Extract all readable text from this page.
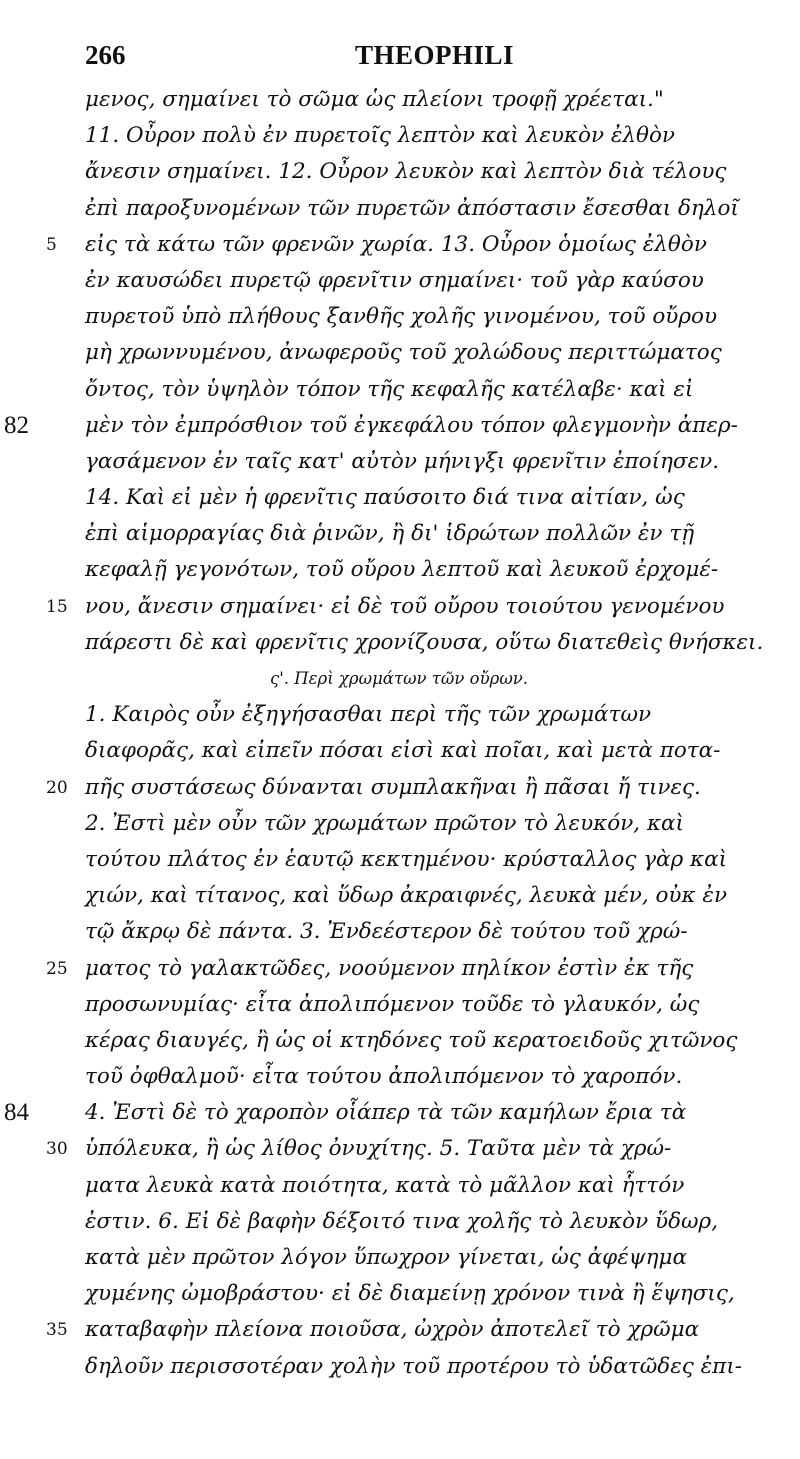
266	THEOPHILI
μενος, σημαίνει τὸ σῶμα ὡς πλείονι τροφῇ χρέεται."
11. Οὖρον πολὺ ἐν πυρετοῖς λεπτὸν καὶ λευκὸν ἐλθὸν
ἄνεσιν σημαίνει. 12. Οὖρον λευκὸν καὶ λεπτὸν διὰ τέλους
ἐπὶ παροξυνομένων τῶν πυρετῶν ἀπόστασιν ἔσεσθαι δηλοῖ
5 εἰς τὰ κάτω τῶν φρενῶν χωρία. 13. Οὖρον ὁμοίως ἐλθὸν
ἐν καυσώδει πυρετῷ φρενῖτιν σημαίνει· τοῦ γὰρ καύσου
πυρετοῦ ὑπὸ πλήθους ξανθῆς χολῆς γινομένου, τοῦ οὔρου
μὴ χρωννυμένου, ἀνωφεροῦς τοῦ χολώδους περιττώματος
ὄντος, τὸν ὑψηλὸν τόπον τῆς κεφαλῆς κατέλαβε· καὶ εἰ
82	μὲν τὸν ἐμπρόσθιον τοῦ ἐγκεφάλου τόπον φλεγμονὴν ἀπερ-
γασάμενον ἐν ταῖς κατ' αὐτὸν μήνιγξι φρενῖτιν ἐποίησεν.
14. Καὶ εἰ μὲν ἡ φρενῖτις παύσοιτο διά τινα αἰτίαν, ὡς
ἐπὶ αἱμορραγίας διὰ ῥινῶν, ἢ δι' ἱδρώτων πολλῶν ἐν τῇ
κεφαλῇ γεγονότων, τοῦ οὔρου λεπτοῦ καὶ λευκοῦ ἐρχομέ-
15 νου, ἄνεσιν σημαίνει· εἰ δὲ τοῦ οὔρου τοιούτου γενομένου
πάρεστι δὲ καὶ φρενῖτις χρονίζουσα, οὕτω διατεθεὶς θνήσκει.
ς'. Περὶ χρωμάτων τῶν οὔρων.
1. Καιρὸς οὖν ἐξηγήσασθαι περὶ τῆς τῶν χρωμάτων
διαφορᾶς, καὶ εἰπεῖν πόσαι εἰσὶ καὶ ποῖαι, καὶ μετὰ ποτα-
20 πῆς συστάσεως δύνανται συμπλακῆναι ἢ πᾶσαι ἤ τινες.
2. Ἐστὶ μὲν οὖν τῶν χρωμάτων πρῶτον τὸ λευκόν, καὶ
τούτου πλάτος ἐν ἑαυτῷ κεκτημένου· κρύσταλλος γὰρ καὶ
χιών, καὶ τίτανος, καὶ ὕδωρ ἀκραιφνές, λευκὰ μέν, οὐκ ἐν
τῷ ἄκρῳ δὲ πάντα. 3. Ἐνδεέστερον δὲ τούτου τοῦ χρώ-
25 ματος τὸ γαλακτῶδες, νοούμενον πηλίκον ἐστὶν ἐκ τῆς
προσωνυμίας· εἶτα ἀπολιπόμενον τοῦδε τὸ γλαυκόν, ὡς
κέρας διαυγές, ἢ ὡς οἱ κτηδόνες τοῦ κερατοειδοῦς χιτῶνος
τοῦ ὀφθαλμοῦ· εἶτα τούτου ἀπολιπόμενον τὸ χαροπόν.
84	4. Ἐστὶ δὲ τὸ χαροπὸν οἷάπερ τὰ τῶν καμήλων ἔρια τὰ
30 ὑπόλευκα, ἢ ὡς λίθος ὀνυχίτης. 5. Ταῦτα μὲν τὰ χρώ-
ματα λευκὰ κατὰ ποιότητα, κατὰ τὸ μᾶλλον καὶ ἧττόν
ἐστιν. 6. Εἰ δὲ βαφὴν δέξοιτό τινα χολῆς τὸ λευκὸν ὕδωρ,
κατὰ μὲν πρῶτον λόγον ὕπωχρον γίνεται, ὡς ἀφέψημα
χυμένης ὠμοβράστου· εἰ δὲ διαμείνῃ χρόνον τινὰ ἢ ἕψησις,
35 καταβαφὴν πλείονα ποιοῦσα, ὠχρὸν ἀποτελεῖ τὸ χρῶμα
δηλοῦν περισσοτέραν χολὴν τοῦ προτέρου τὸ ὑδατῶδες ἐπι-
